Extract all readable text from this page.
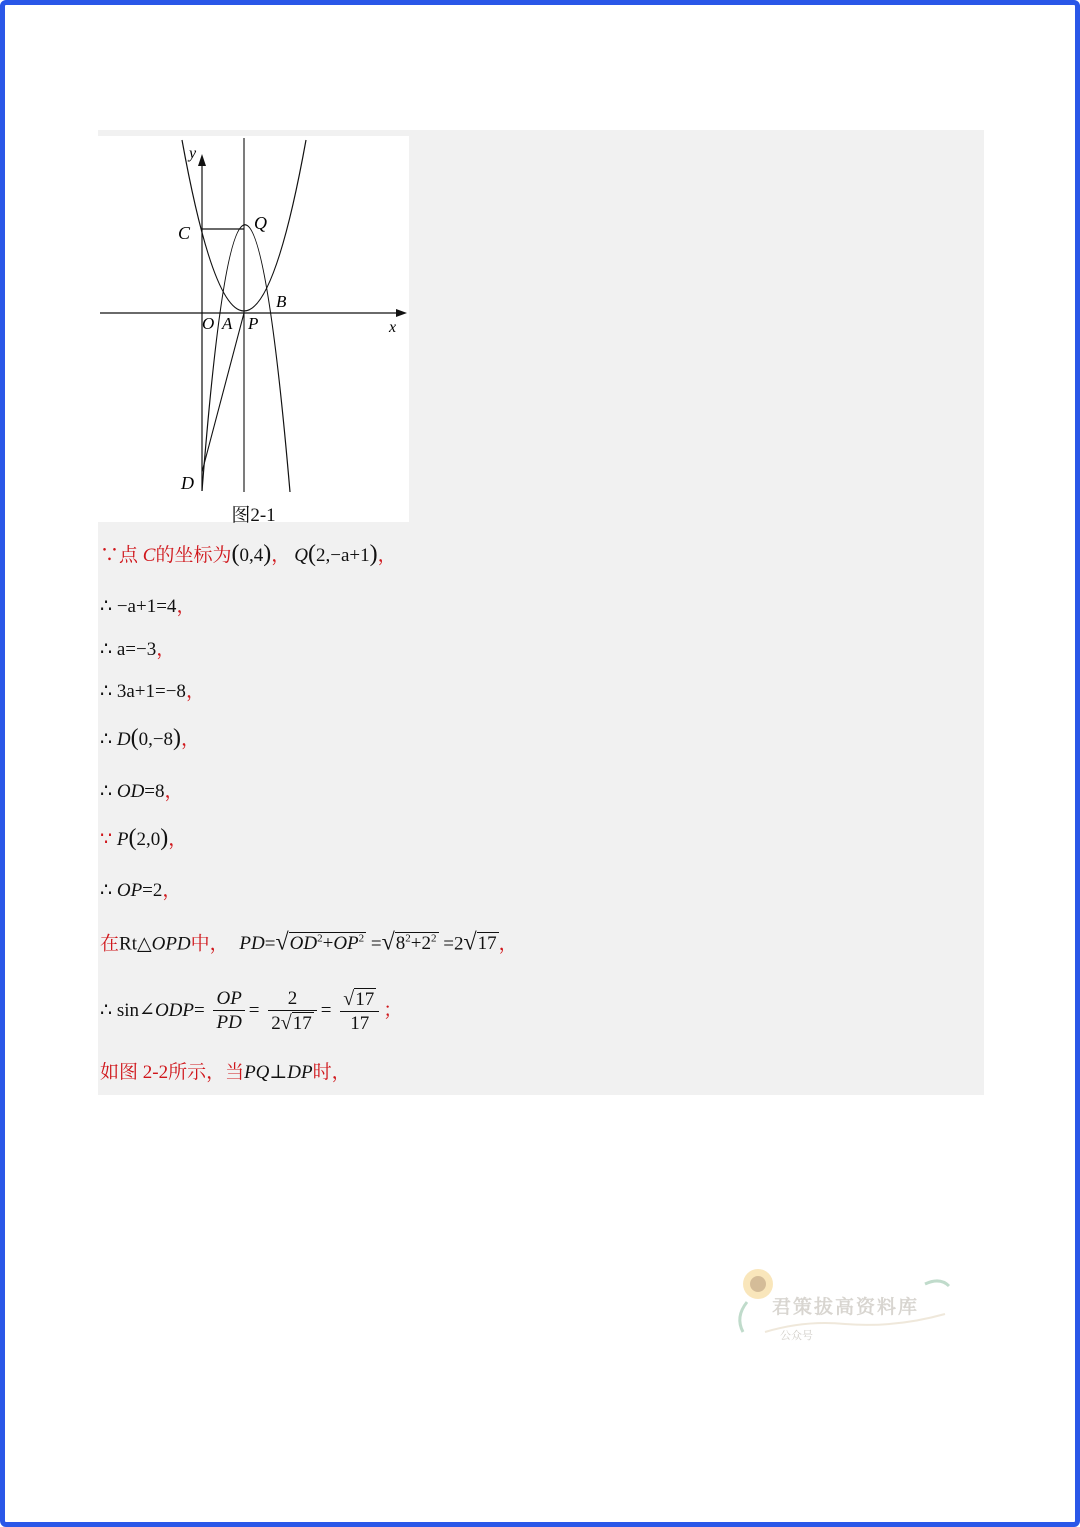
y
x
C	Q
B
O A P
D
图2-1
∵点 C的坐标为(0,4)， Q(2,−a+1)，
∴ −a+1=4，
∴ a=−3，
∴ 3a+1=−8，
∴ D(0,−8)，
∴ OD=8，
∵ P(2,0)，
∴ OP=2，
在Rt△OPD中， $PD=√OD^2+OP^2 =√8^2+2^2 =2√17$ ，
∴ sin∠ODP= $\frac{OP}{PD} = \frac{2}{2√17} = \frac{√17}{17}$ ；
如图 2-2所示，当PQ⊥DP时，
君策拔高资料库
公众号
